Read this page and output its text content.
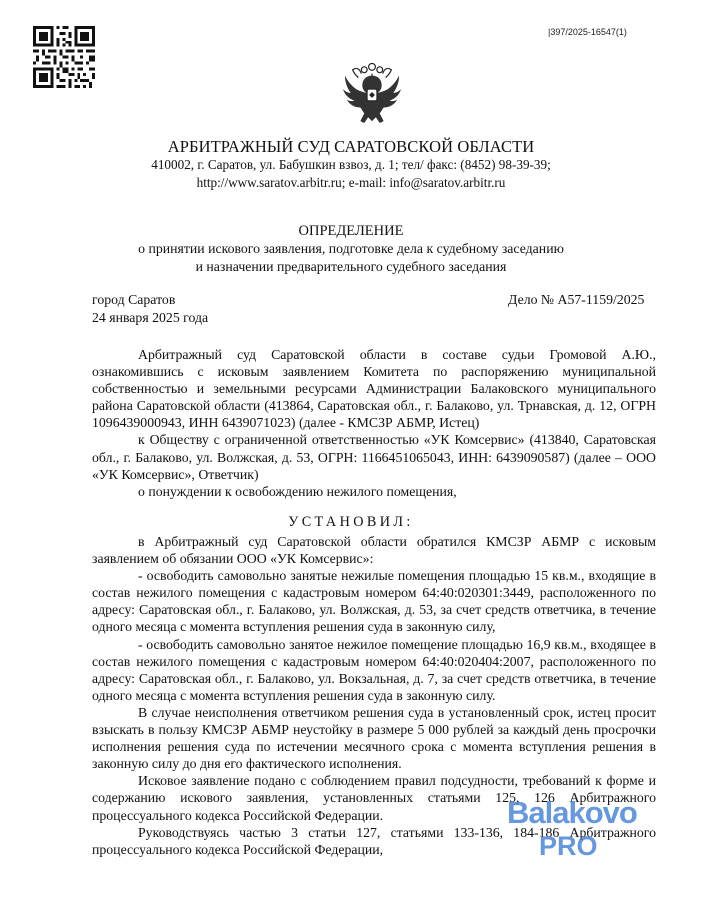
|397/2025-16547(1)
АРБИТРАЖНЫЙ СУД САРАТОВСКОЙ ОБЛАСТИ
410002, г. Саратов, ул. Бабушкин взвоз, д. 1; тел/ факс: (8452) 98-39-39;
http://www.saratov.arbitr.ru; e-mail: info@saratov.arbitr.ru
ОПРЕДЕЛЕНИЕ
о принятии искового заявления, подготовке дела к судебному заседанию
и назначении предварительного судебного заседания
город Саратов
24 января 2025 года
Дело № А57-1159/2025

Арбитражный суд Саратовской области в составе судьи Громовой А.Ю., ознакомившись с исковым заявлением Комитета по распоряжению муниципальной собственностью и земельными ресурсами Администрации Балаковского муниципального района Саратовской области (413864, Саратовская обл., г. Балаково, ул. Трнавская, д. 12, ОГРН 1096439000943, ИНН 6439071023) (далее - КМСЗР АБМР, Истец)

к Обществу с ограниченной ответственностью «УК Комсервис» (413840, Саратовская обл., г. Балаково, ул. Волжская, д. 53, ОГРН: 1166451065043, ИНН: 6439090587) (далее – ООО «УК Комсервис», Ответчик)

о понуждении к освобождению нежилого помещения,

УСТАНОВИЛ:

в Арбитражный суд Саратовской области обратился КМСЗР АБМР с исковым заявлением об обязании ООО «УК Комсервис»:

- освободить самовольно занятые нежилые помещения площадью 15 кв.м., входящие в состав нежилого помещения с кадастровым номером 64:40:020301:3449, расположенного по адресу: Саратовская обл., г. Балаково, ул. Волжская, д. 53, за счет средств ответчика, в течение одного месяца с момента вступления решения суда в законную силу,

- освободить самовольно занятое нежилое помещение площадью 16,9 кв.м., входящее в состав нежилого помещения с кадастровым номером 64:40:020404:2007, расположенного по адресу: Саратовская обл., г. Балаково, ул. Вокзальная, д. 7, за счет средств ответчика, в течение одного месяца с момента вступления решения суда в законную силу.

В случае неисполнения ответчиком решения суда в установленный срок, истец просит взыскать в пользу КМСЗР АБМР неустойку в размере 5 000 рублей за каждый день просрочки исполнения решения суда по истечении месячного срока с момента вступления решения в законную силу до дня его фактического исполнения.

Исковое заявление подано с соблюдением правил подсудности, требований к форме и содержанию искового заявления, установленных статьями 125, 126 Арбитражного процессуального кодекса Российской Федерации.

Руководствуясь частью 3 статьи 127, статьями 133-136, 184-186 Арбитражного процессуального кодекса Российской Федерации,

Balakovo
PRO
